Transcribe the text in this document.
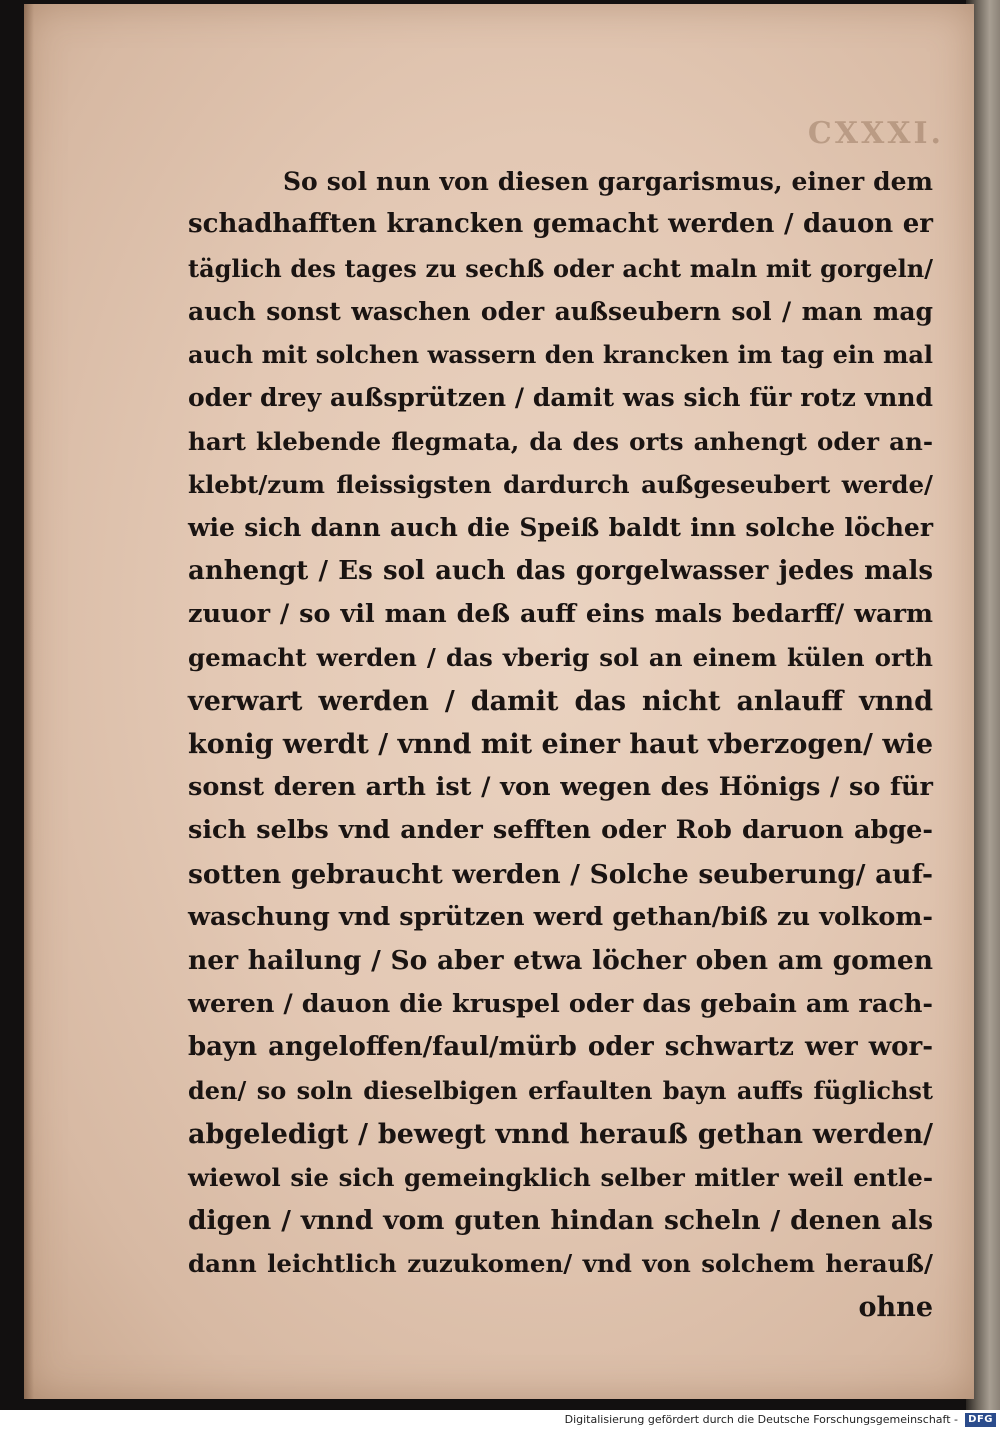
CXXXI.
So sol nun von diesen gargarismus, einer dem
schadhafften krancken gemacht werden / dauon er
täglich des tages zu sechß oder acht maln mit gorgeln/
auch sonst waschen oder außseubern sol / man mag
auch mit solchen wassern den krancken im tag ein mal
oder drey außsprützen / damit was sich für rotz vnnd
hart klebende flegmata, da des orts anhengt oder an-
klebt/zum fleissigsten dardurch außgeseubert werde/
wie sich dann auch die Speiß baldt inn solche löcher
anhengt / Es sol auch das gorgelwasser jedes mals
zuuor / so vil man deß auff eins mals bedarff/ warm
gemacht werden / das vberig sol an einem külen orth
verwart werden / damit das nicht anlauff vnnd
konig werdt / vnnd mit einer haut vberzogen/ wie
sonst deren arth ist / von wegen des Hönigs / so für
sich selbs vnd ander sefften oder Rob daruon abge-
sotten gebraucht werden / Solche seuberung/ auf-
waschung vnd sprützen werd gethan/biß zu volkom-
ner hailung / So aber etwa löcher oben am gomen
weren / dauon die kruspel oder das gebain am rach-
bayn angeloffen/faul/mürb oder schwartz wer wor-
den/ so soln dieselbigen erfaulten bayn auffs füglichst
abgeledigt / bewegt vnnd herauß gethan werden/
wiewol sie sich gemeingklich selber mitler weil entle-
digen / vnnd vom guten hindan scheln / denen als
dann leichtlich zuzukomen/ vnd von solchem herauß/
ohne
Digitalisierung gefördert durch die Deutsche Forschungsgemeinschaft -	DFG
